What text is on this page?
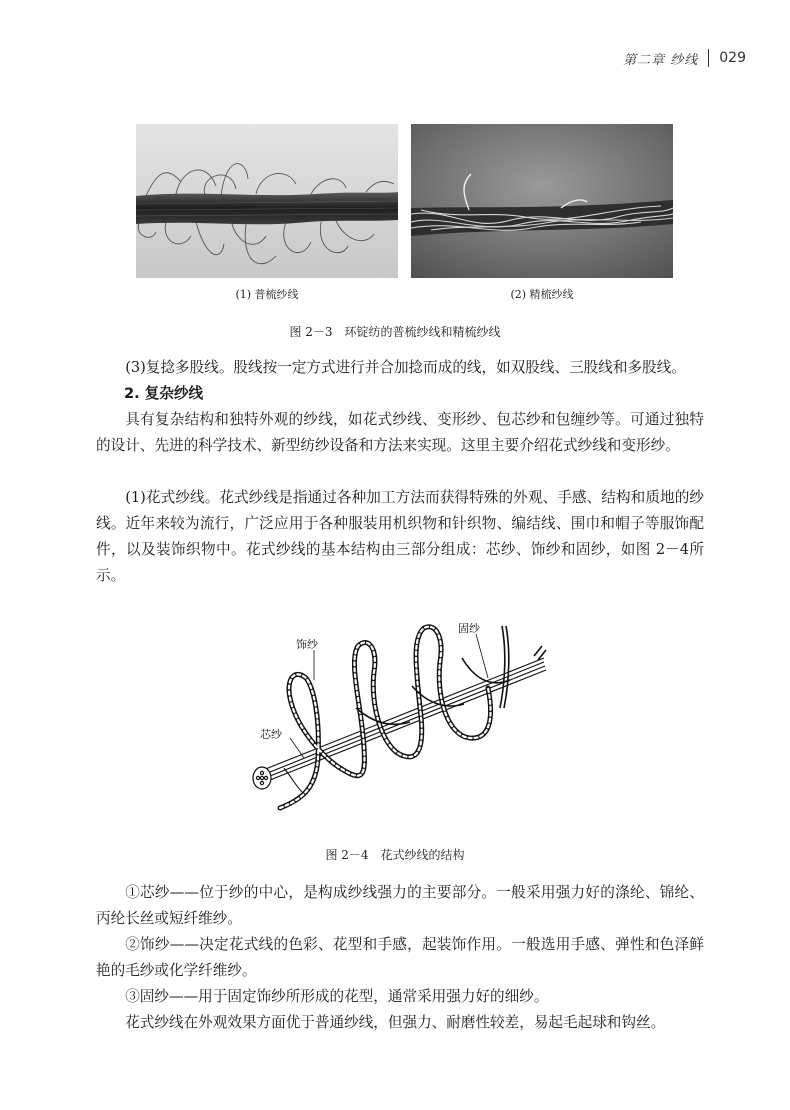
第二章 纱线 029
(1) 普梳纱线	(2) 精梳纱线
图 2－3　环锭纺的普梳纱线和精梳纱线

(3)复捻多股线。股线按一定方式进行并合加捻而成的线，如双股线、三股线和多股线。

2. 复杂纱线

具有复杂结构和独特外观的纱线，如花式纱线、变形纱、包芯纱和包缠纱等。可通过独特的设计、先进的科学技术、新型纺纱设备和方法来实现。这里主要介绍花式纱线和变形纱。

(1)花式纱线。花式纱线是指通过各种加工方法而获得特殊的外观、手感、结构和质地的纱线。近年来较为流行，广泛应用于各种服装用机织物和针织物、编结线、围巾和帽子等服饰配件，以及装饰织物中。花式纱线的基本结构由三部分组成：芯纱、饰纱和固纱，如图 2－4所示。

饰纱
固纱
芯纱
图 2－4　花式纱线的结构

①芯纱——位于纱的中心，是构成纱线强力的主要部分。一般采用强力好的涤纶、锦纶、丙纶长丝或短纤维纱。

②饰纱——决定花式线的色彩、花型和手感，起装饰作用。一般选用手感、弹性和色泽鲜艳的毛纱或化学纤维纱。

③固纱——用于固定饰纱所形成的花型，通常采用强力好的细纱。

花式纱线在外观效果方面优于普通纱线，但强力、耐磨性较差，易起毛起球和钩丝。
